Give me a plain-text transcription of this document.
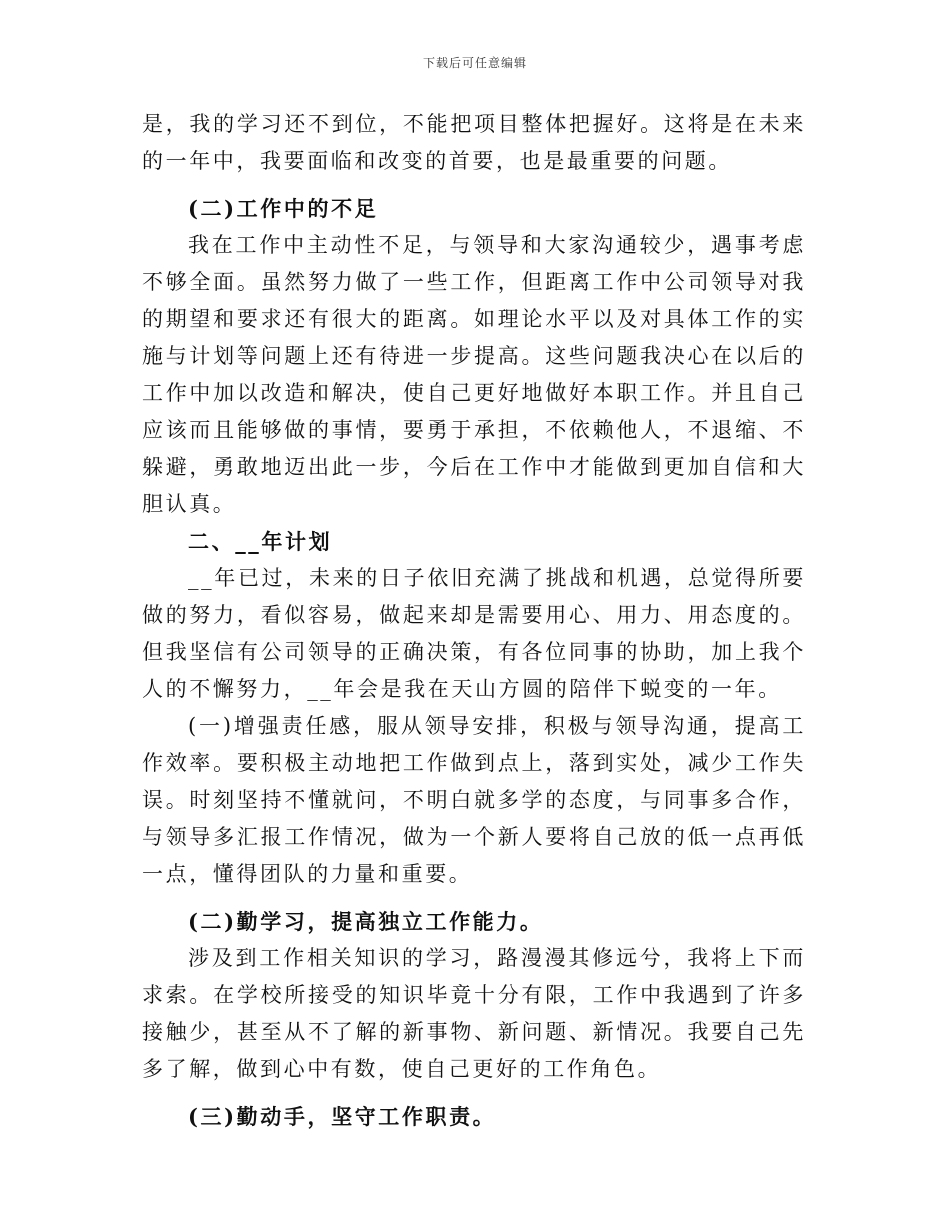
下载后可任意编辑

是，我的学习还不到位，不能把项目整体把握好。这将是在未来的一年中，我要面临和改变的首要，也是最重要的问题。

(二)工作中的不足

我在工作中主动性不足，与领导和大家沟通较少，遇事考虑不够全面。虽然努力做了一些工作，但距离工作中公司领导对我的期望和要求还有很大的距离。如理论水平以及对具体工作的实施与计划等问题上还有待进一步提高。这些问题我决心在以后的工作中加以改造和解决，使自己更好地做好本职工作。并且自己应该而且能够做的事情，要勇于承担，不依赖他人，不退缩、不躲避，勇敢地迈出此一步，今后在工作中才能做到更加自信和大胆认真。

二、__年计划

__年已过，未来的日子依旧充满了挑战和机遇，总觉得所要做的努力，看似容易，做起来却是需要用心、用力、用态度的。但我坚信有公司领导的正确决策，有各位同事的协助，加上我个人的不懈努力，__年会是我在天山方圆的陪伴下蜕变的一年。

(一)增强责任感，服从领导安排，积极与领导沟通，提高工作效率。要积极主动地把工作做到点上，落到实处，减少工作失误。时刻坚持不懂就问，不明白就多学的态度，与同事多合作，与领导多汇报工作情况，做为一个新人要将自己放的低一点再低一点，懂得团队的力量和重要。

(二)勤学习，提高独立工作能力。

涉及到工作相关知识的学习，路漫漫其修远兮，我将上下而求索。在学校所接受的知识毕竟十分有限，工作中我遇到了许多接触少，甚至从不了解的新事物、新问题、新情况。我要自己先多了解，做到心中有数，使自己更好的工作角色。

(三)勤动手，坚守工作职责。
